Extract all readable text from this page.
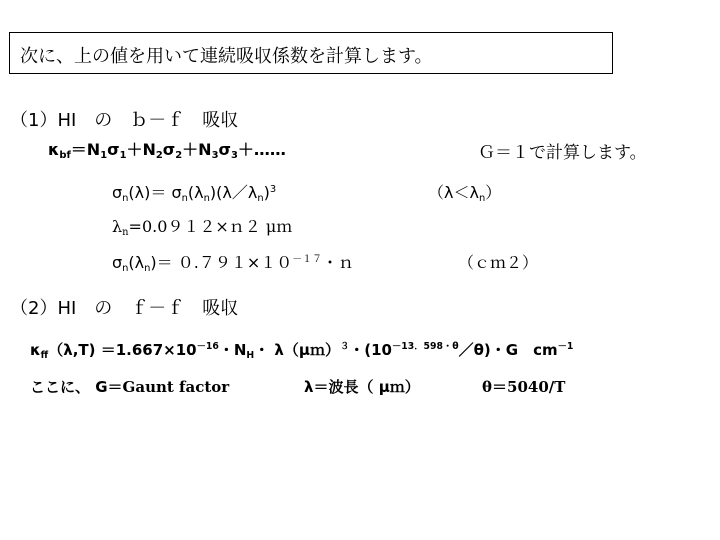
次に、上の値を用いて連続吸収係数を計算します。
（1）HI　の　ｂ－ｆ　吸収
$\kappa_{bf}=N_1\sigma_1+N_2\sigma_2+N_3\sigma_3+\dots\dots$	Ｇ＝１で計算します。
$\sigma_n(\lambda)=$ $\sigma_n(\lambda_n)(\lambda/\lambda_n)^3$	$(\lambda<\lambda_n)$
$\lambda_n=0.0912\times n2$ μｍ
$\sigma_n(\lambda_n)= 0.791\times 10^{-17}$・ｎ	（ｃｍ２）
（2）HI　の　ｆ－ｆ　吸収
$\kappa_{ff}(\lambda,T) =1.667\times 10^{-16}$・$N_H$・ λ（μｍ）$^3$・$(10^{-13.598・\theta}/\theta)$・G　$cm^{-1}$
ここに、 G＝Gaunt factor	λ＝波長（ μｍ）	θ＝5040/T
